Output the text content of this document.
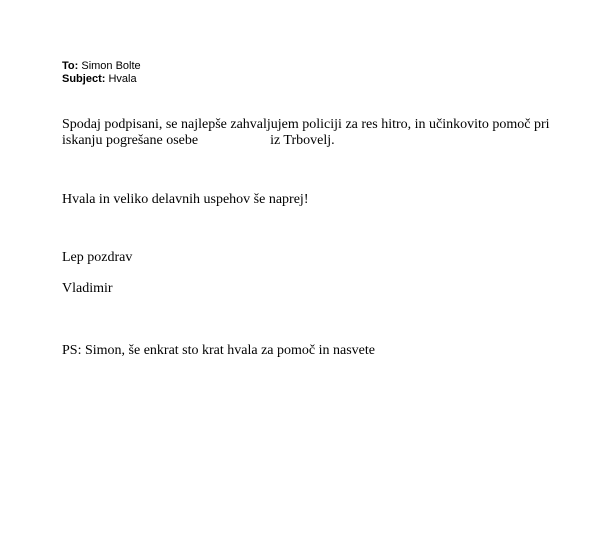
To: Simon Bolte
Subject: Hvala
Spodaj podpisani, se najlepše zahvaljujem policiji za res hitro, in učinkovito pomoč pri
iskanju pogrešane osebe	iz Trbovelj.
Hvala in veliko delavnih uspehov še naprej!
Lep pozdrav
Vladimir
PS: Simon, še enkrat sto krat hvala za pomoč in nasvete
